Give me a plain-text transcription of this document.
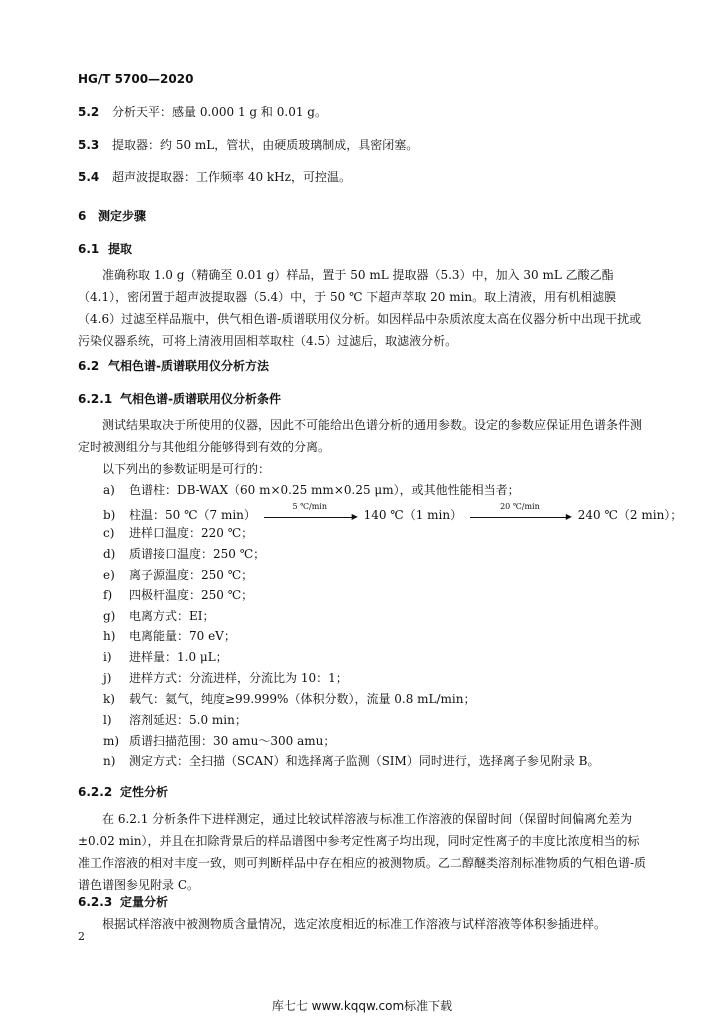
HG/T 5700—2020
5.2 分析天平：感量 0.000 1 g 和 0.01 g。
5.3 提取器：约 50 mL，管状，由硬质玻璃制成，具密闭塞。
5.4 超声波提取器：工作频率 40 kHz，可控温。
6 测定步骤
6.1 提取
准确称取 1.0 g（精确至 0.01 g）样品，置于 50 mL 提取器（5.3）中，加入 30 mL 乙酸乙酯（4.1），密闭置于超声波提取器（5.4）中，于 50 ℃ 下超声萃取 20 min。取上清液，用有机相滤膜（4.6）过滤至样品瓶中，供气相色谱-质谱联用仪分析。如因样品中杂质浓度太高在仪器分析中出现干扰或污染仪器系统，可将上清液用固相萃取柱（4.5）过滤后，取滤液分析。
6.2 气相色谱-质谱联用仪分析方法
6.2.1 气相色谱-质谱联用仪分析条件
测试结果取决于所使用的仪器，因此不可能给出色谱分析的通用参数。设定的参数应保证用色谱条件测定时被测组分与其他组分能够得到有效的分离。
以下列出的参数证明是可行的：
a) 色谱柱：DB-WAX（60 m×0.25 mm×0.25 μm），或其他性能相当者；
b) 柱温：50 ℃（7 min）
5 ℃/min
▶ 140 ℃（1 min）
20 ℃/min
▶ 240 ℃（2 min）；
c) 进样口温度：220 ℃；
d) 质谱接口温度：250 ℃；
e) 离子源温度：250 ℃；
f) 四极杆温度：250 ℃；
g) 电离方式：EI；
h) 电离能量：70 eV；
i) 进样量：1.0 μL；
j) 进样方式：分流进样，分流比为 10：1；
k) 载气：氦气，纯度≥99.999%（体积分数），流量 0.8 mL/min；
l) 溶剂延迟：5.0 min；
m) 质谱扫描范围：30 amu～300 amu；
n) 测定方式：全扫描（SCAN）和选择离子监测（SIM）同时进行，选择离子参见附录 B。
6.2.2 定性分析
在 6.2.1 分析条件下进样测定，通过比较试样溶液与标准工作溶液的保留时间（保留时间偏离允差为±0.02 min），并且在扣除背景后的样品谱图中参考定性离子均出现，同时定性离子的丰度比浓度相当的标准工作溶液的相对丰度一致，则可判断样品中存在相应的被测物质。乙二醇醚类溶剂标准物质的气相色谱-质谱色谱图参见附录 C。
6.2.3 定量分析
根据试样溶液中被测物质含量情况，选定浓度相近的标准工作溶液与试样溶液等体积参插进样。
2
库七七 www.kqqw.com标准下载
